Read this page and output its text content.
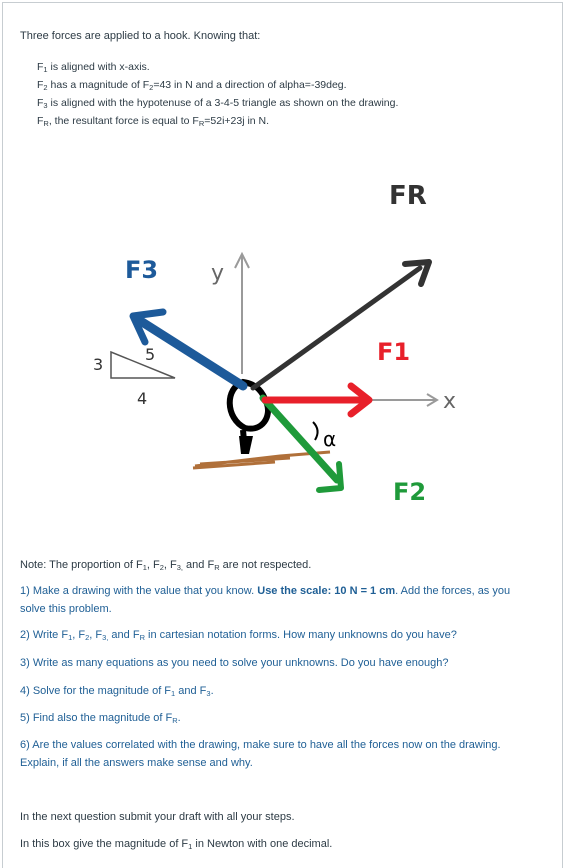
Three forces are applied to a hook. Knowing that:
$F_1$ is aligned with x-axis.
$F_2$ has a magnitude of $F_2=43$ in N and a direction of alpha=-39deg.
$F_3$ is aligned with the hypotenuse of a 3-4-5 triangle as shown on the drawing.
$F_R$, the resultant force is equal to $F_R=52i+23j$ in N.
FR
F1
F2
F3 y
x
α
3
4
5
Note: The proportion of $F_1$, $F_2$, $F_{3,}$ and $F_R$ are not respected.
1) Make a drawing with the value that you know. Use the scale: 10 N = 1 cm. Add the forces, as you
solve this problem.
2) Write $F_1$, $F_2$, $F_{3,}$ and $F_R$ in cartesian notation forms. How many unknowns do you have?
3) Write as many equations as you need to solve your unknowns. Do you have enough?
4) Solve for the magnitude of $F_1$ and $F_3$.
5) Find also the magnitude of $F_R$.
6) Are the values correlated with the drawing, make sure to have all the forces now on the drawing.
Explain, if all the answers make sense and why.
In the next question submit your draft with all your steps.
In this box give the magnitude of $F_1$ in Newton with one decimal.
